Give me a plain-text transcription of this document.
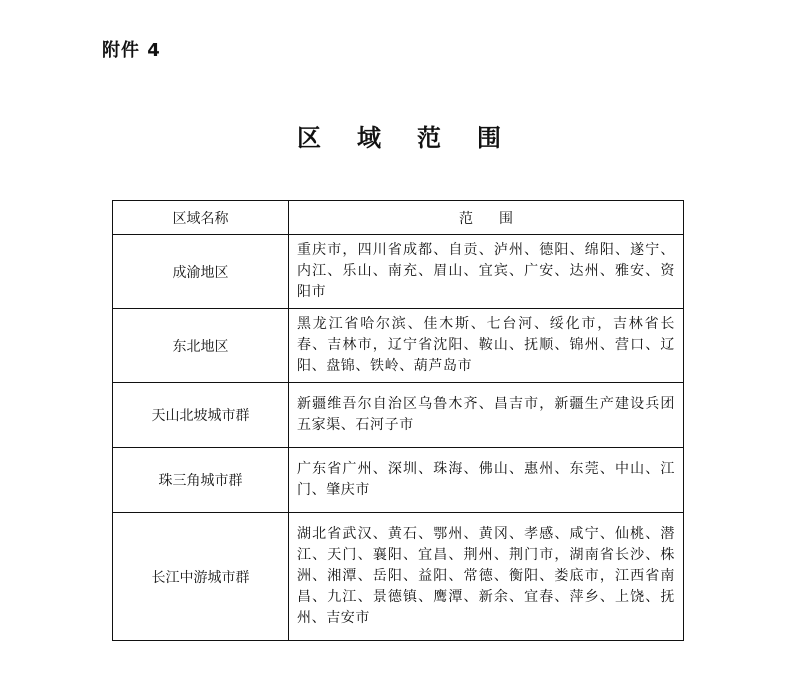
附件 4
区 域 范 围
区域名称	范围
成渝地区	重庆市，四川省成都、自贡、泸州、德阳、绵阳、遂宁、内江、乐山、南充、眉山、宜宾、广安、达州、雅安、资阳市
东北地区	黑龙江省哈尔滨、佳木斯、七台河、绥化市，吉林省长春、吉林市，辽宁省沈阳、鞍山、抚顺、锦州、营口、辽阳、盘锦、铁岭、葫芦岛市
天山北坡城市群	新疆维吾尔自治区乌鲁木齐、昌吉市，新疆生产建设兵团五家渠、石河子市
珠三角城市群	广东省广州、深圳、珠海、佛山、惠州、东莞、中山、江门、肇庆市
长江中游城市群	湖北省武汉、黄石、鄂州、黄冈、孝感、咸宁、仙桃、潜江、天门、襄阳、宜昌、荆州、荆门市，湖南省长沙、株洲、湘潭、岳阳、益阳、常德、衡阳、娄底市，江西省南昌、九江、景德镇、鹰潭、新余、宜春、萍乡、上饶、抚州、吉安市
